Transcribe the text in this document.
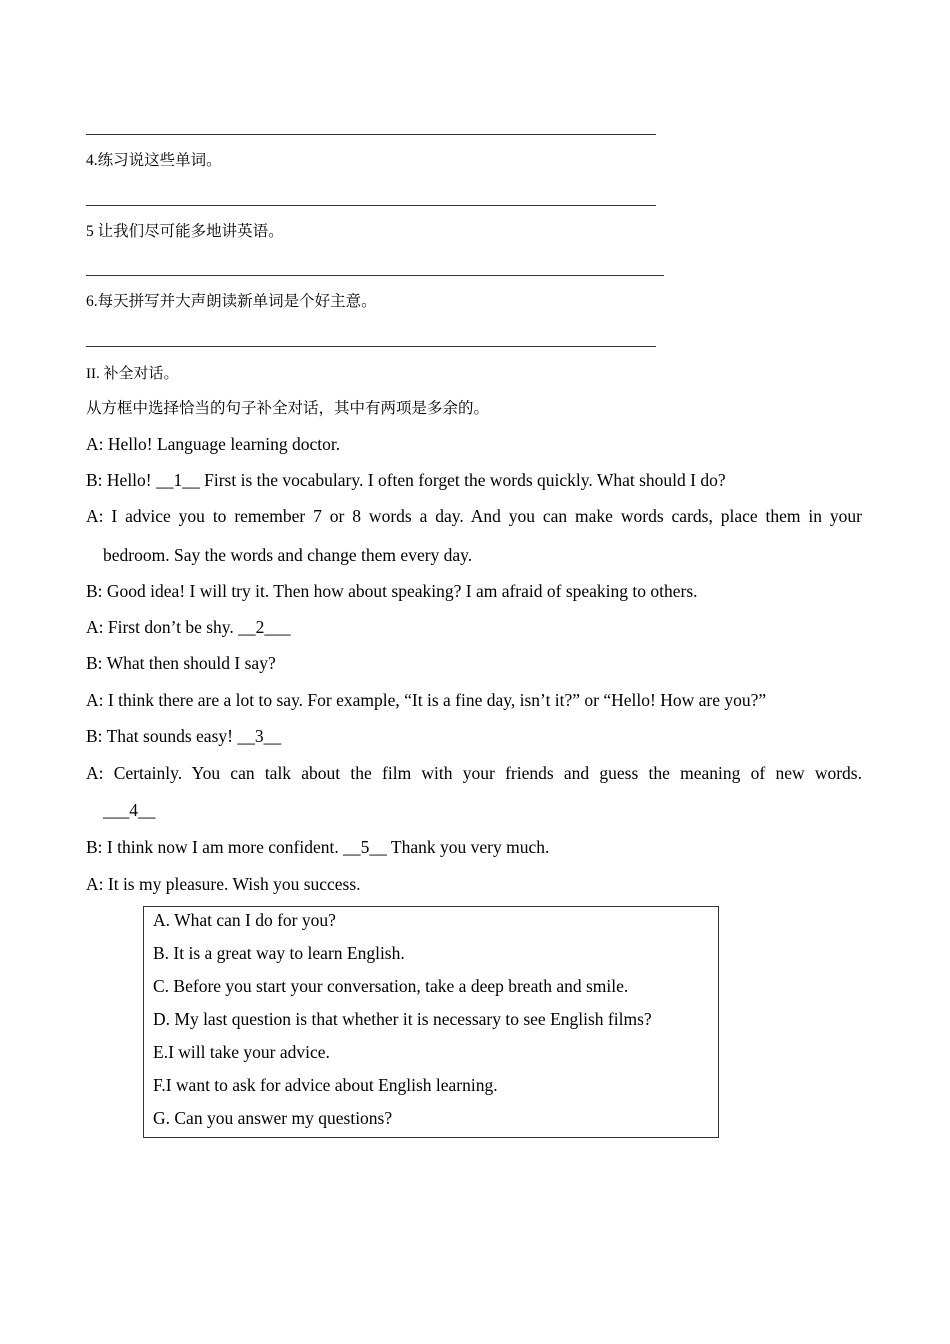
4.练习说这些单词。
5 让我们尽可能多地讲英语。
6.每天拼写并大声朗读新单词是个好主意。
II. 补全对话。
从方框中选择恰当的句子补全对话，其中有两项是多余的。
A: Hello! Language learning doctor.
B: Hello! __1__ First is the vocabulary. I often forget the words quickly. What should I do?
A: I advice you to remember 7 or 8 words a day. And you can make words cards, place them in your
bedroom. Say the words and change them every day.
B: Good idea! I will try it. Then how about speaking? I am afraid of speaking to others.
A: First don’t be shy. __2___
B: What then should I say?
A: I think there are a lot to say. For example, “It is a fine day, isn’t it?” or “Hello! How are you?”
B: That sounds easy! __3__
A: Certainly. You can talk about the film with your friends and guess the meaning of new words.
___4__
B: I think now I am more confident. __5__ Thank you very much.
A: It is my pleasure. Wish you success.
A. What can I do for you?
B. It is a great way to learn English.
C. Before you start your conversation, take a deep breath and smile.
D. My last question is that whether it is necessary to see English films?
E.I will take your advice.
F.I want to ask for advice about English learning.
G. Can you answer my questions?
